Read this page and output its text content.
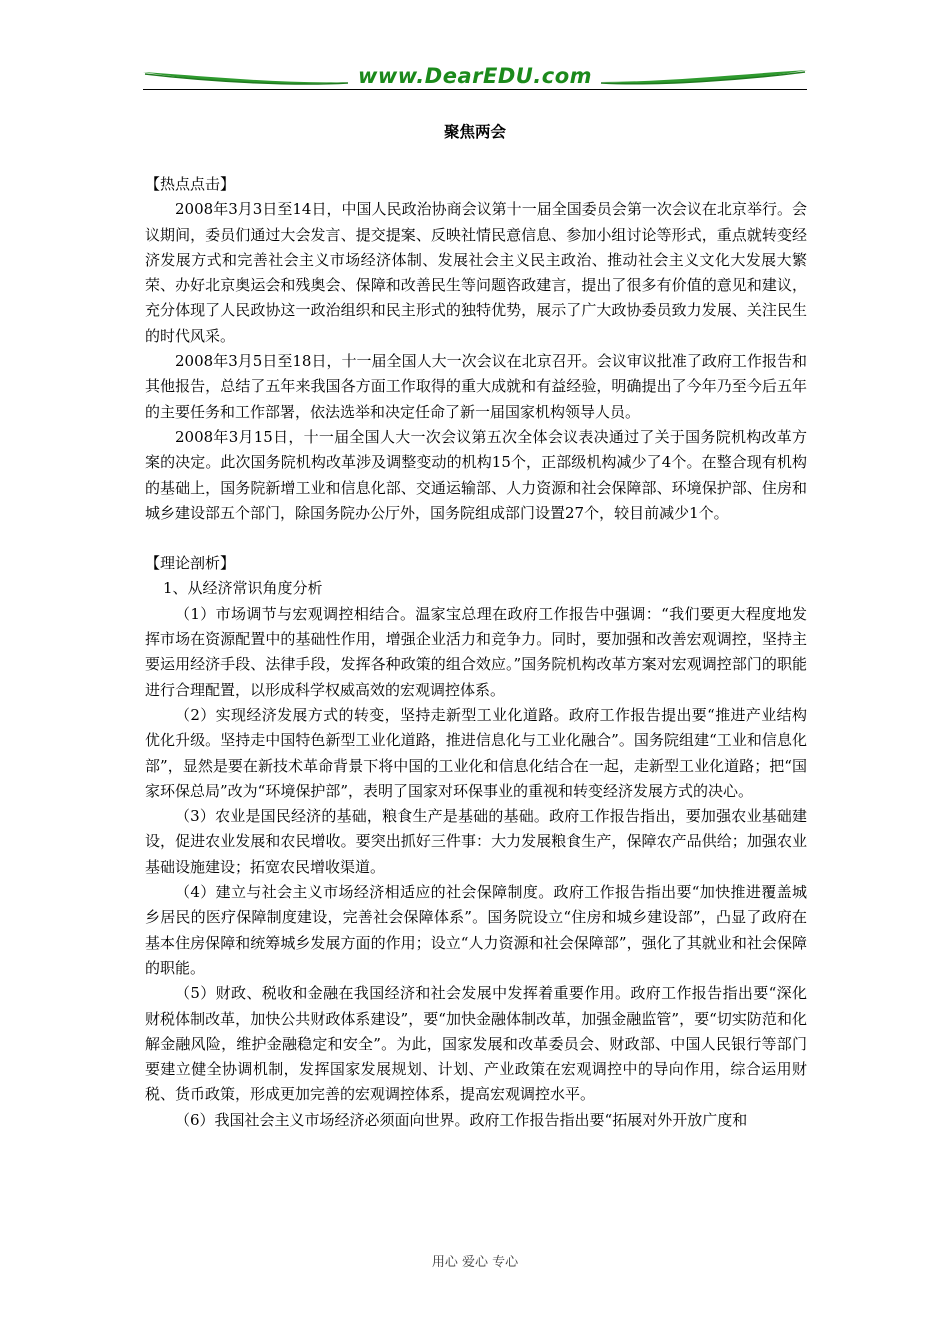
www.DearEDU.com
聚焦两会

【热点点击】

2008年3月3日至14日，中国人民政治协商会议第十一届全国委员会第一次会议在北京举行。会议期间，委员们通过大会发言、提交提案、反映社情民意信息、参加小组讨论等形式，重点就转变经济发展方式和完善社会主义市场经济体制、发展社会主义民主政治、推动社会主义文化大发展大繁荣、办好北京奥运会和残奥会、保障和改善民生等问题咨政建言，提出了很多有价值的意见和建议，充分体现了人民政协这一政治组织和民主形式的独特优势，展示了广大政协委员致力发展、关注民生的时代风采。

2008年3月5日至18日，十一届全国人大一次会议在北京召开。会议审议批准了政府工作报告和其他报告，总结了五年来我国各方面工作取得的重大成就和有益经验，明确提出了今年乃至今后五年的主要任务和工作部署，依法选举和决定任命了新一届国家机构领导人员。

2008年3月15日，十一届全国人大一次会议第五次全体会议表决通过了关于国务院机构改革方案的决定。此次国务院机构改革涉及调整变动的机构15个，正部级机构减少了4个。在整合现有机构的基础上，国务院新增工业和信息化部、交通运输部、人力资源和社会保障部、环境保护部、住房和城乡建设部五个部门，除国务院办公厅外，国务院组成部门设置27个，较目前减少1个。

【理论剖析】

1、从经济常识角度分析

（1）市场调节与宏观调控相结合。温家宝总理在政府工作报告中强调：“我们要更大程度地发挥市场在资源配置中的基础性作用，增强企业活力和竞争力。同时，要加强和改善宏观调控，坚持主要运用经济手段、法律手段，发挥各种政策的组合效应。”国务院机构改革方案对宏观调控部门的职能进行合理配置，以形成科学权威高效的宏观调控体系。

（2）实现经济发展方式的转变，坚持走新型工业化道路。政府工作报告提出要“推进产业结构优化升级。坚持走中国特色新型工业化道路，推进信息化与工业化融合”。国务院组建“工业和信息化部”，显然是要在新技术革命背景下将中国的工业化和信息化结合在一起，走新型工业化道路；把“国家环保总局”改为“环境保护部”，表明了国家对环保事业的重视和转变经济发展方式的决心。

（3）农业是国民经济的基础，粮食生产是基础的基础。政府工作报告指出，要加强农业基础建设，促进农业发展和农民增收。要突出抓好三件事：大力发展粮食生产，保障农产品供给；加强农业基础设施建设；拓宽农民增收渠道。

（4）建立与社会主义市场经济相适应的社会保障制度。政府工作报告指出要“加快推进覆盖城乡居民的医疗保障制度建设，完善社会保障体系”。国务院设立“住房和城乡建设部”，凸显了政府在基本住房保障和统筹城乡发展方面的作用；设立“人力资源和社会保障部”，强化了其就业和社会保障的职能。

（5）财政、税收和金融在我国经济和社会发展中发挥着重要作用。政府工作报告指出要“深化财税体制改革，加快公共财政体系建设”，要“加快金融体制改革，加强金融监管”，要“切实防范和化解金融风险，维护金融稳定和安全”。为此，国家发展和改革委员会、财政部、中国人民银行等部门要建立健全协调机制，发挥国家发展规划、计划、产业政策在宏观调控中的导向作用，综合运用财税、货币政策，形成更加完善的宏观调控体系，提高宏观调控水平。

（6）我国社会主义市场经济必须面向世界。政府工作报告指出要“拓展对外开放广度和

用心 爱心 专心
